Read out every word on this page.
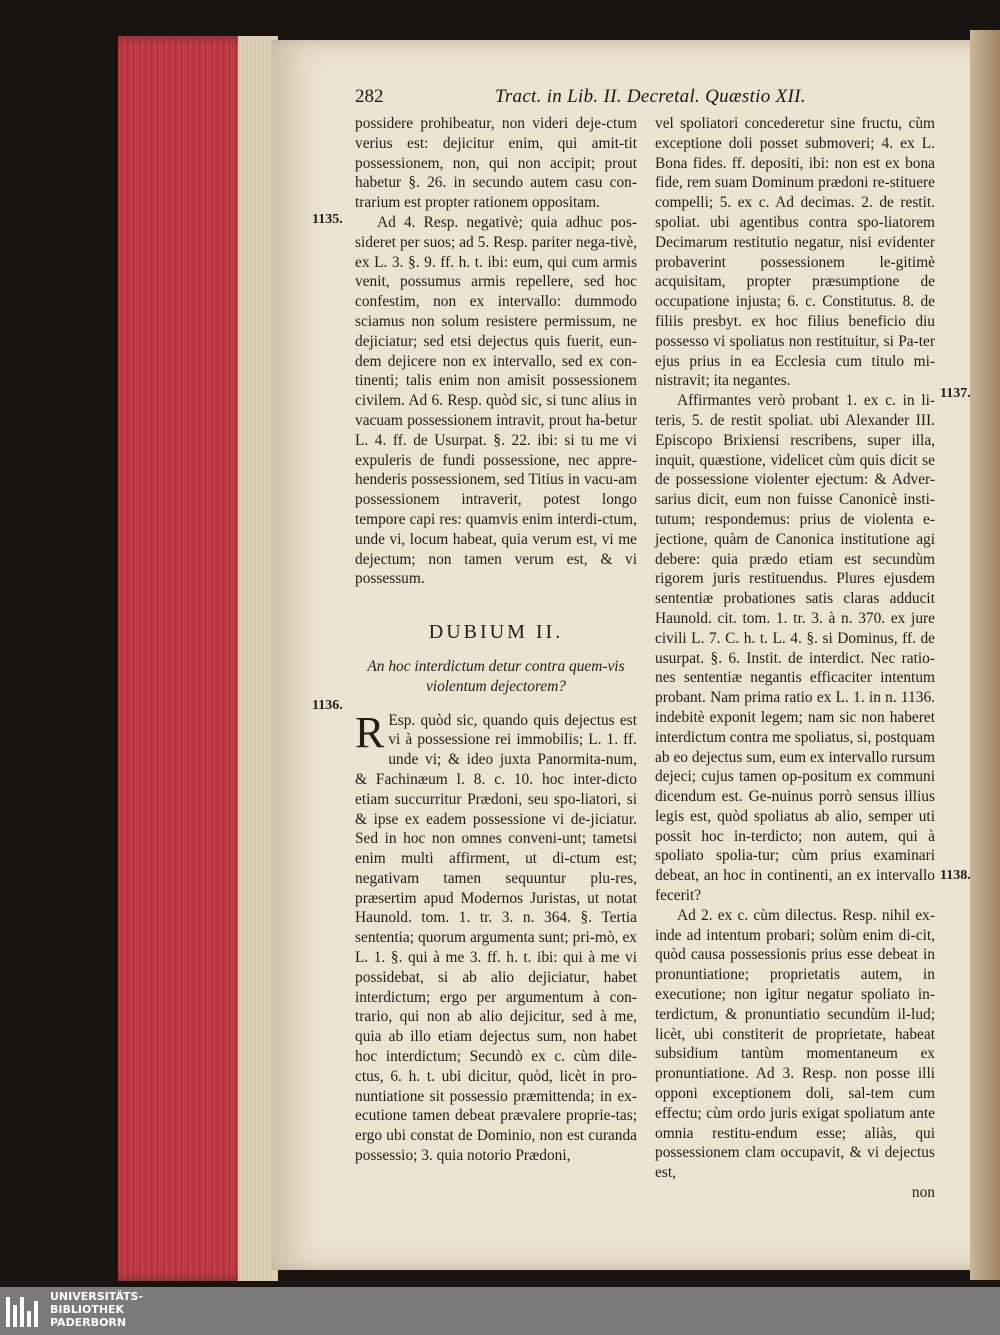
282	Tract. in Lib. II. Decretal. Quæstio XII.
1135.
1136.
1137.
1138.

possidere prohibeatur, non videri deje-ctum verius est: dejicitur enim, qui amit-tit possessionem, non, qui non accipit; prout habetur §. 26. in secundo autem casu con-trarium est propter rationem oppositam.

Ad 4. Resp. negativè; quia adhuc pos-sideret per suos; ad 5. Resp. pariter nega-tivè, ex L. 3. §. 9. ff. h. t. ibi: eum, qui cum armis venit, possumus armis repellere, sed hoc confestim, non ex intervallo: dummodo sciamus non solum resistere permissum, ne dejiciatur; sed etsi dejectus quis fuerit, eun-dem dejicere non ex intervallo, sed ex con-tinenti; talis enim non amisit possessionem civilem. Ad 6. Resp. quòd sic, si tunc alius in vacuam possessionem intravit, prout ha-betur L. 4. ff. de Usurpat. §. 22. ibi: si tu me vi expuleris de fundi possessione, nec appre-henderis possessionem, sed Titius in vacu-am possessionem intraverit, potest longo tempore capi res: quamvis enim interdi-ctum, unde vi, locum habeat, quia verum est, vi me dejectum; non tamen verum est, & vi possessum.

DUBIUM II.

An hoc interdictum detur contra quem-vis violentum dejectorem?

R Esp. quòd sic, quando quis dejectus est vi à possessione rei immobilis; L. 1. ff. unde vi; & ideo juxta Panormita-num, & Fachinæum l. 8. c. 10. hoc inter-dicto etiam succurritur Prædoni, seu spo-liatori, si & ipse ex eadem possessione vi de-jiciatur. Sed in hoc non omnes conveni-unt; tametsi enim multi affirment, ut di-ctum est; negativam tamen sequuntur plu-res, præsertim apud Modernos Juristas, ut notat Haunold. tom. 1. tr. 3. n. 364. §. Tertia sententia; quorum argumenta sunt; pri-mò, ex L. 1. §. qui à me 3. ff. h. t. ibi: qui à me vi possidebat, si ab alio dejiciatur, habet interdictum; ergo per argumentum à con-trario, qui non ab alio dejicitur, sed à me, quia ab illo etiam dejectus sum, non habet hoc interdictum; Secundò ex c. cùm dile-ctus, 6. h. t. ubi dicitur, quòd, licèt in pro-nuntiatione sit possessio præmittenda; in ex-ecutione tamen debeat prævalere proprie-tas; ergo ubi constat de Dominio, non est curanda possessio; 3. quia notorio Prædoni,

vel spoliatori concederetur sine fructu, cùm exceptione doli posset submoveri; 4. ex L. Bona fides. ff. depositi, ibi: non est ex bona fide, rem suam Dominum prædoni re-stituere compelli; 5. ex c. Ad decimas. 2. de restit. spoliat. ubi agentibus contra spo-liatorem Decimarum restitutio negatur, nisi evidenter probaverint possessionem le-gitimè acquisitam, propter præsumptione de occupatione injusta; 6. c. Constitutus. 8. de filiis presbyt. ex hoc filius beneficio diu possesso vi spoliatus non restituitur, si Pa-ter ejus prius in ea Ecclesia cum titulo mi-nistravit; ita negantes.

Affirmantes verò probant 1. ex c. in li-teris, 5. de restit spoliat. ubi Alexander III. Episcopo Brixiensi rescribens, super illa, inquit, quæstione, videlicet cùm quis dicit se de possessione violenter ejectum: & Adver-sarius dicit, eum non fuisse Canonicè insti-tutum; respondemus: prius de violenta e-jectione, quàm de Canonica institutione agi debere: quia prædo etiam est secundùm rigorem juris restituendus. Plures ejusdem sententiæ probationes satis claras adducit Haunold. cit. tom. 1. tr. 3. à n. 370. ex jure civili L. 7. C. h. t. L. 4. §. si Dominus, ff. de usurpat. §. 6. Instit. de interdict. Nec ratio-nes sententiæ negantis efficaciter intentum probant. Nam prima ratio ex L. 1. in n. 1136. indebitè exponit legem; nam sic non haberet interdictum contra me spoliatus, si, postquam ab eo dejectus sum, eum ex intervallo rursum dejeci; cujus tamen op-positum ex communi dicendum est. Ge-nuinus porrò sensus illius legis est, quòd spoliatus ab alio, semper uti possit hoc in-terdicto; non autem, qui à spoliato spolia-tur; cùm prius examinari debeat, an hoc in continenti, an ex intervallo fecerit?

Ad 2. ex c. cùm dilectus. Resp. nihil ex-inde ad intentum probari; solùm enim di-cit, quòd causa possessionis prius esse debeat in pronuntiatione; proprietatis autem, in executione; non igitur negatur spoliato in-terdictum, & pronuntiatio secundùm il-lud; licèt, ubi constiterit de proprietate, habeat subsidium tantùm momentaneum ex pronuntiatione. Ad 3. Resp. non posse illi opponi exceptionem doli, sal-tem cum effectu; cùm ordo juris exigat spoliatum ante omnia restitu-endum esse; aliàs, qui possessionem clam occupavit, & vi dejectus est,

non

UNIVERSITÄTS-
BIBLIOTHEK
PADERBORN
